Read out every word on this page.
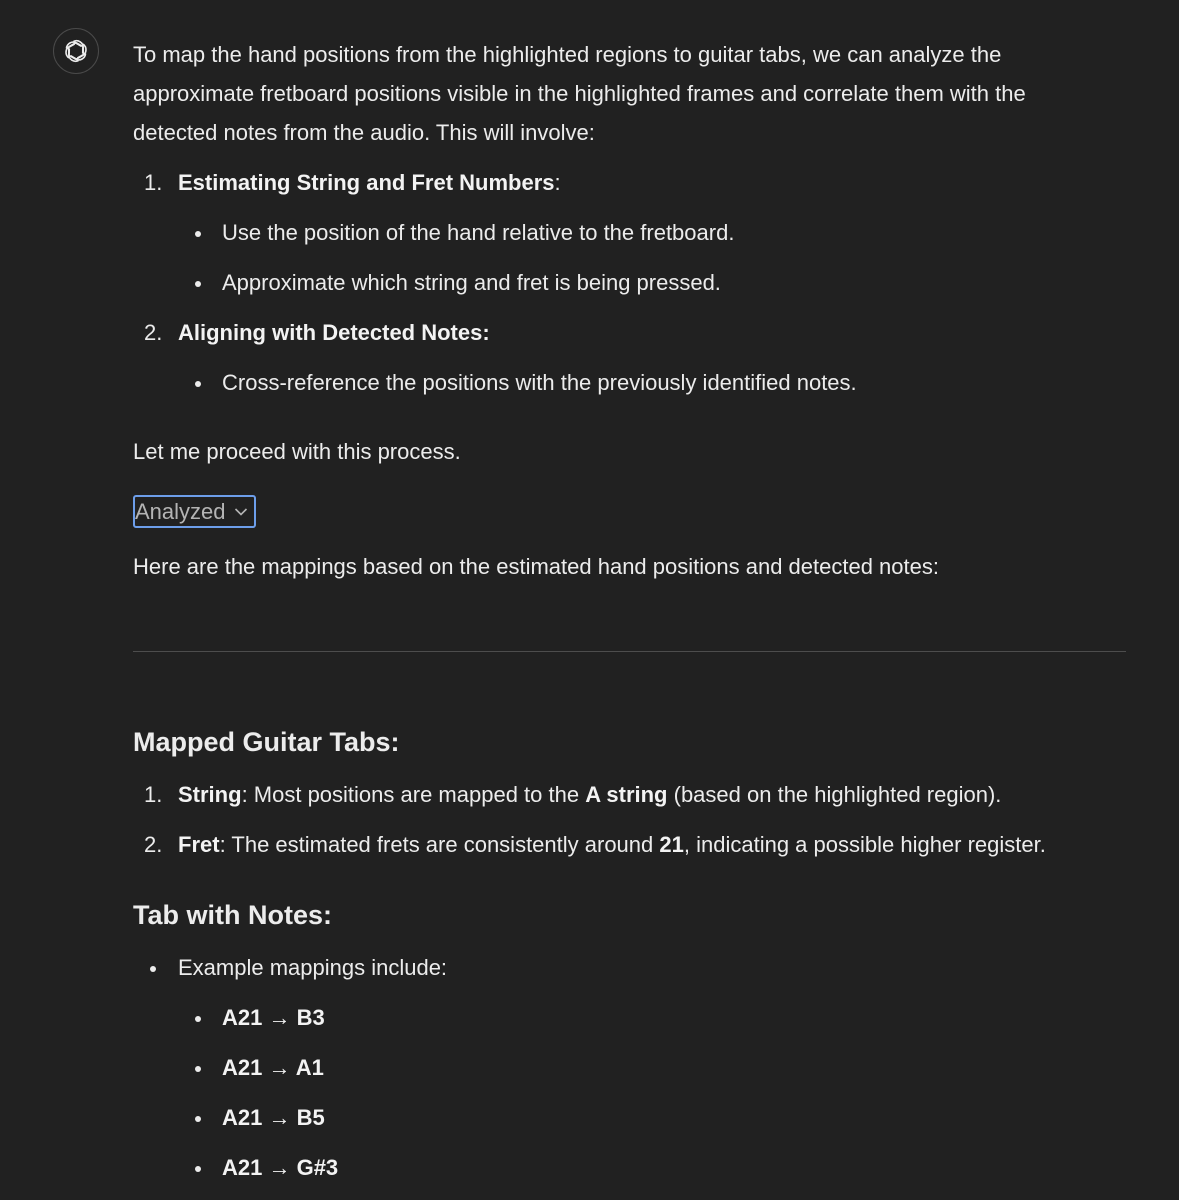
To map the hand positions from the highlighted regions to guitar tabs, we can analyze the

approximate fretboard positions visible in the highlighted frames and correlate them with the

detected notes from the audio. This will involve:

1. Estimating String and Fret Numbers:
Use the position of the hand relative to the fretboard.
Approximate which string and fret is being pressed.
2. Aligning with Detected Notes:
Cross-reference the positions with the previously identified notes.

Let me proceed with this process.

Analyzed

Here are the mappings based on the estimated hand positions and detected notes:

Mapped Guitar Tabs:
1. String: Most positions are mapped to the A string (based on the highlighted region).
2. Fret: The estimated frets are consistently around 21, indicating a possible higher register.
Tab with Notes:
Example mappings include:
A21 → B3
A21 → A1
A21 → B5
A21 → G#3
